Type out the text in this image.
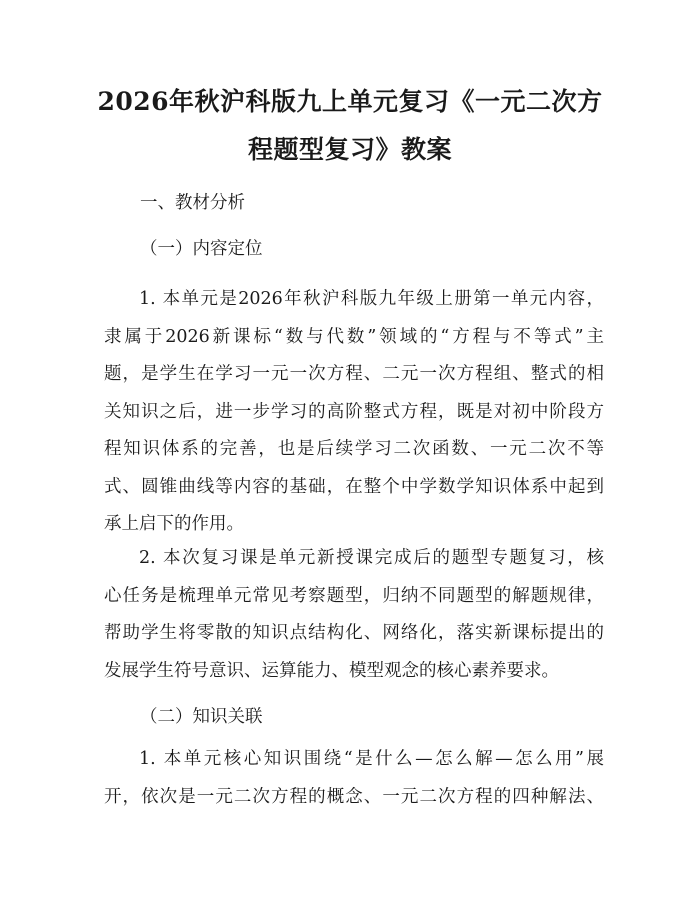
2026年秋沪科版九上单元复习《一元二次方
程题型复习》教案
一、教材分析
（一）内容定位
1. 本单元是2026年秋沪科版九年级上册第一单元内容，
隶属于2026新课标“数与代数”领域的“方程与不等式”主
题，是学生在学习一元一次方程、二元一次方程组、整式的相
关知识之后，进一步学习的高阶整式方程，既是对初中阶段方
程知识体系的完善，也是后续学习二次函数、一元二次不等
式、圆锥曲线等内容的基础，在整个中学数学知识体系中起到
承上启下的作用。
2. 本次复习课是单元新授课完成后的题型专题复习，核
心任务是梳理单元常见考察题型，归纳不同题型的解题规律，
帮助学生将零散的知识点结构化、网络化，落实新课标提出的
发展学生符号意识、运算能力、模型观念的核心素养要求。
（二）知识关联
1. 本单元核心知识围绕“是什么—怎么解—怎么用”展
开，依次是一元二次方程的概念、一元二次方程的四种解法、
